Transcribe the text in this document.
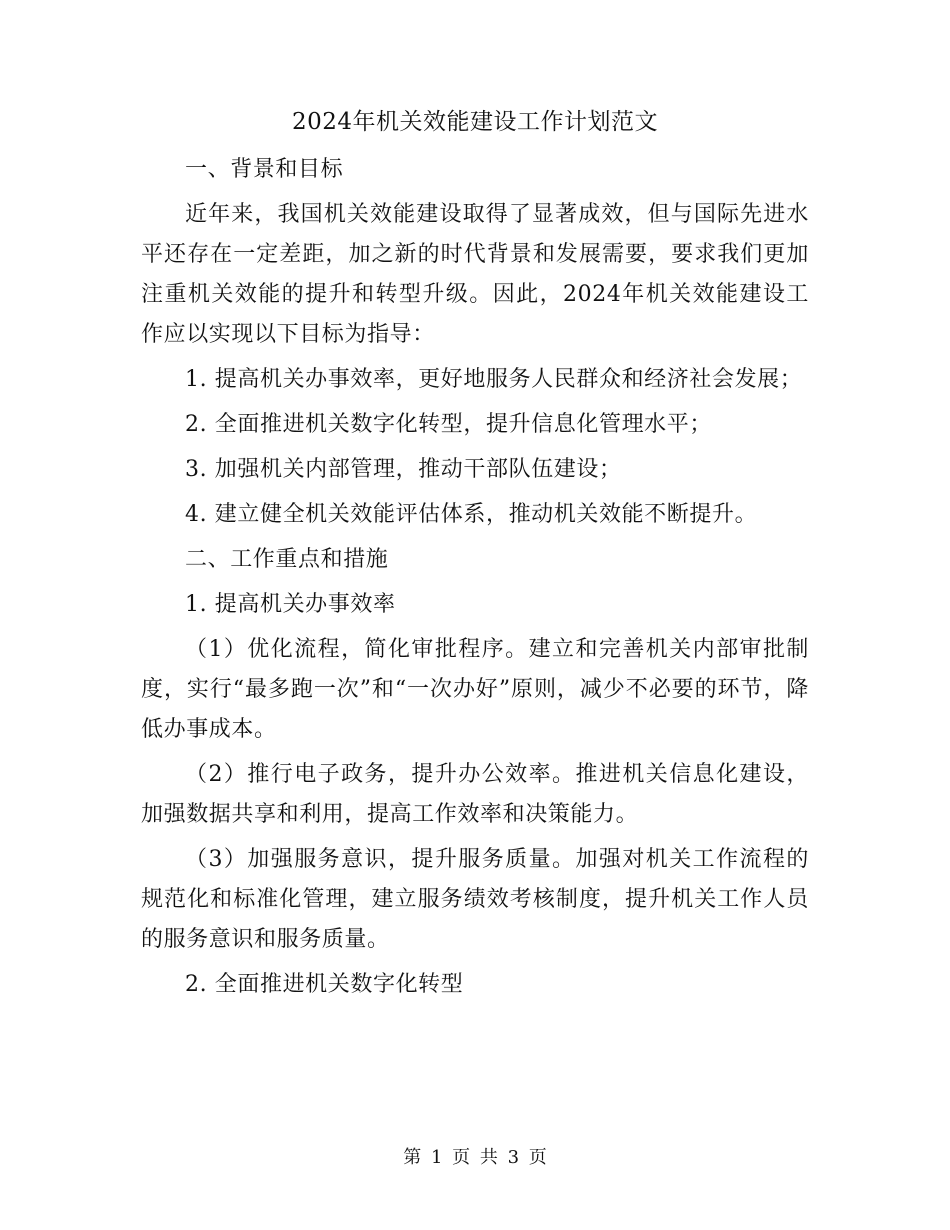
2024年机关效能建设工作计划范文

一、背景和目标

近年来，我国机关效能建设取得了显著成效，但与国际先进水平还存在一定差距，加之新的时代背景和发展需要，要求我们更加注重机关效能的提升和转型升级。因此，2024年机关效能建设工作应以实现以下目标为指导：

1. 提高机关办事效率，更好地服务人民群众和经济社会发展；

2. 全面推进机关数字化转型，提升信息化管理水平；

3. 加强机关内部管理，推动干部队伍建设；

4. 建立健全机关效能评估体系，推动机关效能不断提升。

二、工作重点和措施

1. 提高机关办事效率

（1）优化流程，简化审批程序。建立和完善机关内部审批制度，实行“最多跑一次”和“一次办好”原则，减少不必要的环节，降低办事成本。

（2）推行电子政务，提升办公效率。推进机关信息化建设，加强数据共享和利用，提高工作效率和决策能力。

（3）加强服务意识，提升服务质量。加强对机关工作流程的规范化和标准化管理，建立服务绩效考核制度，提升机关工作人员的服务意识和服务质量。

2. 全面推进机关数字化转型

第 1 页 共 3 页
